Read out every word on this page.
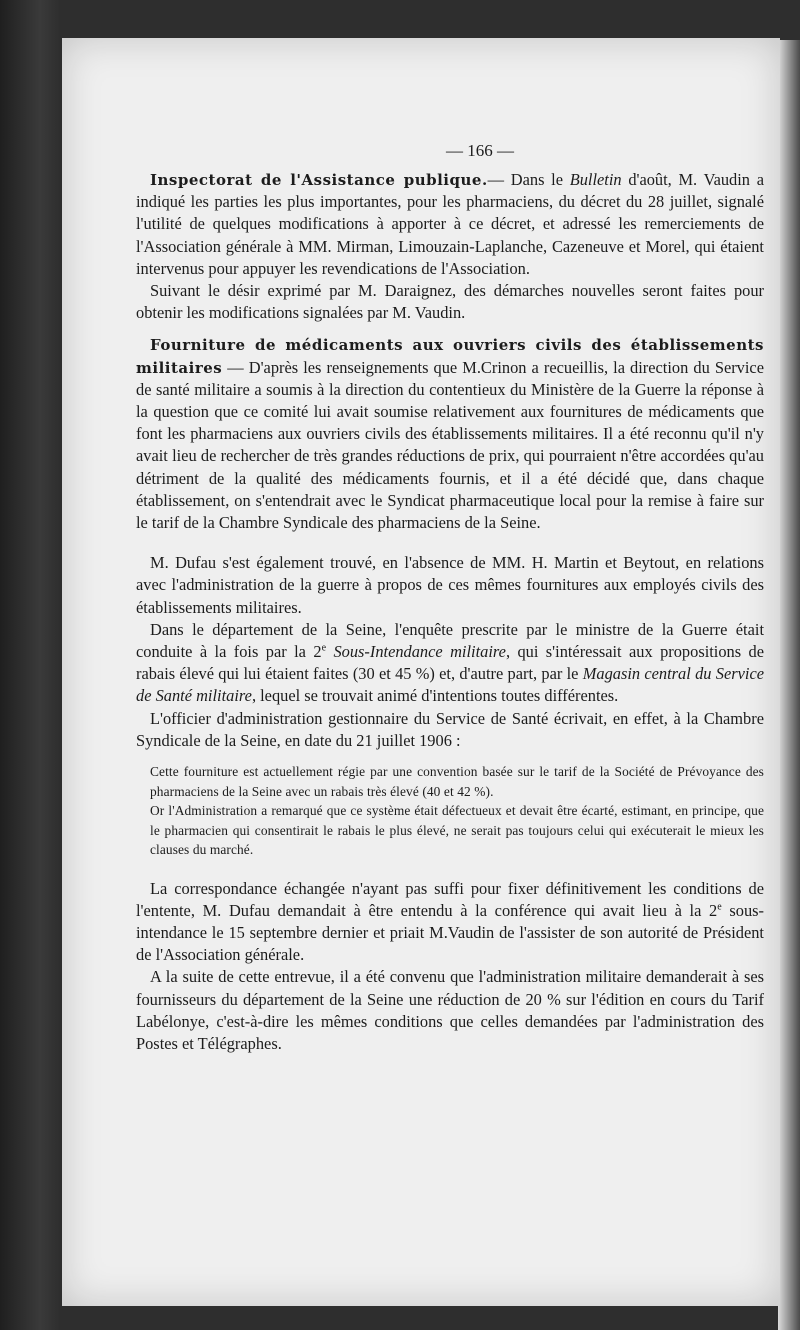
— 166 —

Inspectorat de l'Assistance publique.— Dans le Bulletin d'août, M. Vaudin a indiqué les parties les plus importantes, pour les pharmaciens, du décret du 28 juillet, signalé l'utilité de quelques modifications à apporter à ce décret, et adressé les remerciements de l'Association générale à MM. Mirman, Limouzain-Laplanche, Cazeneuve et Morel, qui étaient intervenus pour appuyer les revendications de l'Association.

Suivant le désir exprimé par M. Daraignez, des démarches nouvelles seront faites pour obtenir les modifications signalées par M. Vaudin.

Fourniture de médicaments aux ouvriers civils des établissements militaires — D'après les renseignements que M.Crinon a recueillis, la direction du Service de santé militaire a soumis à la direction du contentieux du Ministère de la Guerre la réponse à la question que ce comité lui avait soumise relativement aux fournitures de médicaments que font les pharmaciens aux ouvriers civils des établissements militaires. Il a été reconnu qu'il n'y avait lieu de rechercher de très grandes réductions de prix, qui pourraient n'être accordées qu'au détriment de la qualité des médicaments fournis, et il a été décidé que, dans chaque établissement, on s'entendrait avec le Syndicat pharmaceutique local pour la remise à faire sur le tarif de la Chambre Syndicale des pharmaciens de la Seine.

M. Dufau s'est également trouvé, en l'absence de MM. H. Martin et Beytout, en relations avec l'administration de la guerre à propos de ces mêmes fournitures aux employés civils des établissements militaires.

Dans le département de la Seine, l'enquête prescrite par le ministre de la Guerre était conduite à la fois par la 2e Sous-Intendance militaire, qui s'intéressait aux propositions de rabais élevé qui lui étaient faites (30 et 45 %) et, d'autre part, par le Magasin central du Service de Santé militaire, lequel se trouvait animé d'intentions toutes différentes.

L'officier d'administration gestionnaire du Service de Santé écrivait, en effet, à la Chambre Syndicale de la Seine, en date du 21 juillet 1906 :

Cette fourniture est actuellement régie par une convention basée sur le tarif de la Société de Prévoyance des pharmaciens de la Seine avec un rabais très élevé (40 et 42 %).

Or l'Administration a remarqué que ce système était défectueux et devait être écarté, estimant, en principe, que le pharmacien qui consentirait le rabais le plus élevé, ne serait pas toujours celui qui exécuterait le mieux les clauses du marché.

La correspondance échangée n'ayant pas suffi pour fixer définitivement les conditions de l'entente, M. Dufau demandait à être entendu à la conférence qui avait lieu à la 2e sous-intendance le 15 septembre dernier et priait M.Vaudin de l'assister de son autorité de Président de l'Association générale.

A la suite de cette entrevue, il a été convenu que l'administration militaire demanderait à ses fournisseurs du département de la Seine une réduction de 20 % sur l'édition en cours du Tarif Labélonye, c'est-à-dire les mêmes conditions que celles demandées par l'administration des Postes et Télégraphes.
